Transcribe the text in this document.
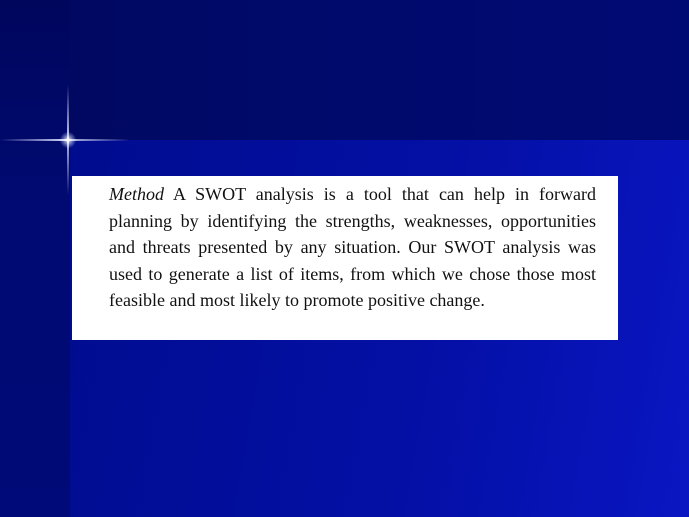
Method A SWOT analysis is a tool that can help in forward planning by identifying the strengths, weaknesses, opportunities and threats presented by any situation. Our SWOT analysis was used to generate a list of items, from which we chose those most feasible and most likely to promote positive change.
